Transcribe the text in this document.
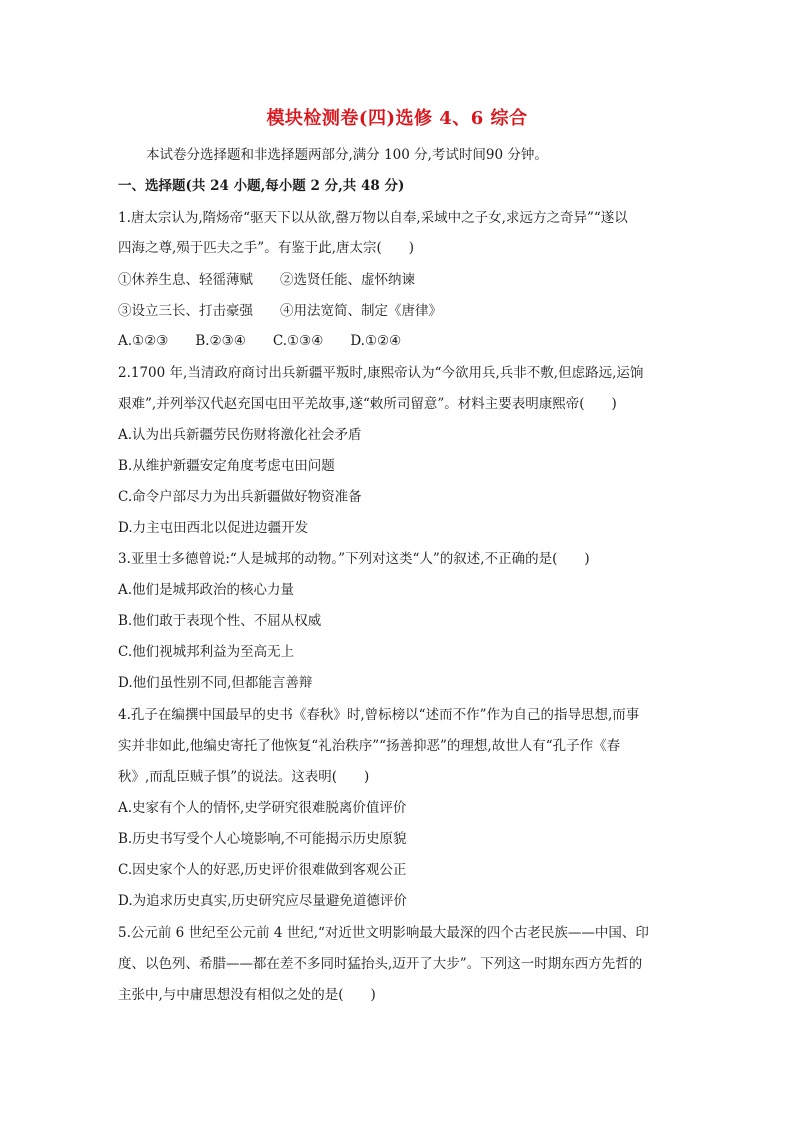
模块检测卷(四)选修 4、6 综合
本试卷分选择题和非选择题两部分,满分 100 分,考试时间90 分钟。
一、选择题(共 24 小题,每小题 2 分,共 48 分)
1.唐太宗认为,隋炀帝“驱天下以从欲,罄万物以自奉,采域中之子女,求远方之奇异”“遂以
四海之尊,殒于匹夫之手”。有鉴于此,唐太宗(　　)
①休养生息、轻徭薄赋　　②选贤任能、虚怀纳谏
③设立三长、打击豪强　　④用法宽简、制定《唐律》
A.①②③　　B.②③④　　C.①③④　　D.①②④
2.1700 年,当清政府商讨出兵新疆平叛时,康熙帝认为“今欲用兵,兵非不敷,但虑路远,运饷
艰难”,并列举汉代赵充国屯田平羌故事,遂“敕所司留意”。材料主要表明康熙帝(　　)
A.认为出兵新疆劳民伤财将激化社会矛盾
B.从维护新疆安定角度考虑屯田问题
C.命令户部尽力为出兵新疆做好物资准备
D.力主屯田西北以促进边疆开发
3.亚里士多德曾说:“人是城邦的动物。”下列对这类“人”的叙述,不正确的是(　　)
A.他们是城邦政治的核心力量
B.他们敢于表现个性、不屈从权威
C.他们视城邦利益为至高无上
D.他们虽性别不同,但都能言善辩
4.孔子在编撰中国最早的史书《春秋》时,曾标榜以“述而不作”作为自己的指导思想,而事
实并非如此,他编史寄托了他恢复“礼治秩序”“扬善抑恶”的理想,故世人有“孔子作《春
秋》,而乱臣贼子惧”的说法。这表明(　　)
A.史家有个人的情怀,史学研究很难脱离价值评价
B.历史书写受个人心境影响,不可能揭示历史原貌
C.因史家个人的好恶,历史评价很难做到客观公正
D.为追求历史真实,历史研究应尽量避免道德评价
5.公元前 6 世纪至公元前 4 世纪,“对近世文明影响最大最深的四个古老民族——中国、印
度、以色列、希腊——都在差不多同时猛抬头,迈开了大步”。下列这一时期东西方先哲的
主张中,与中庸思想没有相似之处的是(　　)
